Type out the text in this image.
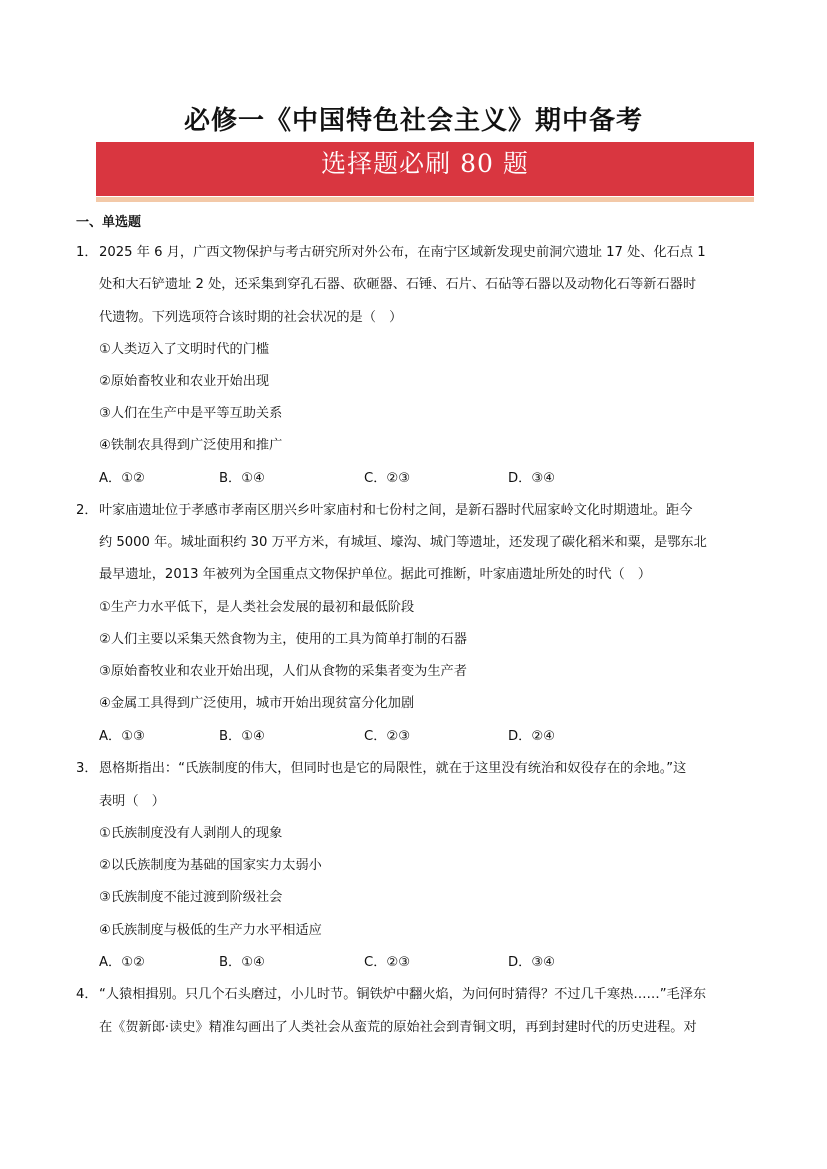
必修一《中国特色社会主义》期中备考
选择题必刷 80 题
一、单选题
1． 2025 年 6 月，广西文物保护与考古研究所对外公布，在南宁区域新发现史前洞穴遗址 17 处、化石点 1
处和大石铲遗址 2 处，还采集到穿孔石器、砍砸器、石锤、石片、石砧等石器以及动物化石等新石器时
代遗物。下列选项符合该时期的社会状况的是（　）
①人类迈入了文明时代的门槛
②原始畜牧业和农业开始出现
③人们在生产中是平等互助关系
④铁制农具得到广泛使用和推广
A．①②	B．①④	C．②③	D．③④
2． 叶家庙遗址位于孝感市孝南区朋兴乡叶家庙村和七份村之间，是新石器时代屈家岭文化时期遗址。距今
约 5000 年。城址面积约 30 万平方米，有城垣、壕沟、城门等遗址，还发现了碳化稻米和粟，是鄂东北
最早遗址，2013 年被列为全国重点文物保护单位。据此可推断，叶家庙遗址所处的时代（　）
①生产力水平低下，是人类社会发展的最初和最低阶段
②人们主要以采集天然食物为主，使用的工具为简单打制的石器
③原始畜牧业和农业开始出现，人们从食物的采集者变为生产者
④金属工具得到广泛使用，城市开始出现贫富分化加剧
A．①③	B．①④	C．②③	D．②④
3． 恩格斯指出：“氏族制度的伟大，但同时也是它的局限性，就在于这里没有统治和奴役存在的余地。”这
表明（　）
①氏族制度没有人剥削人的现象
②以氏族制度为基础的国家实力太弱小
③氏族制度不能过渡到阶级社会
④氏族制度与极低的生产力水平相适应
A．①②	B．①④	C．②③	D．③④
4． “人猿相揖别。只几个石头磨过，小儿时节。铜铁炉中翻火焰，为问何时猜得？不过几千寒热……”毛泽东
在《贺新郎·读史》精准勾画出了人类社会从蛮荒的原始社会到青铜文明，再到封建时代的历史进程。对
